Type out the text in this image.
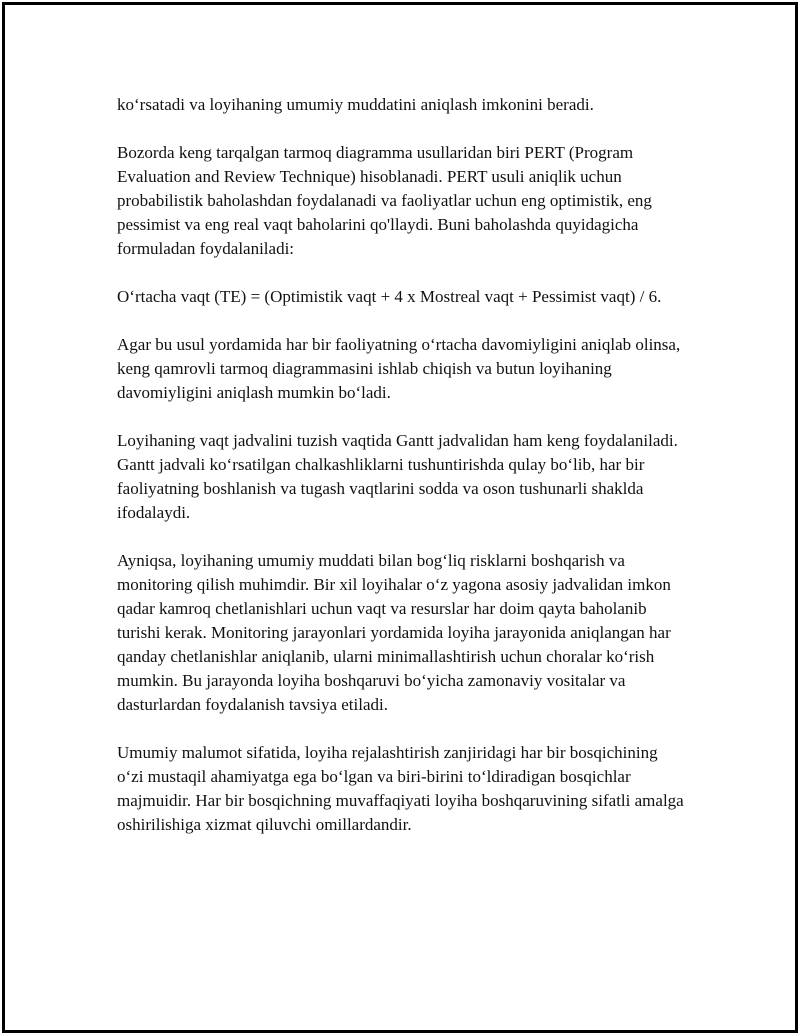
ko‘rsatadi va loyihaning umumiy muddatini aniqlash imkonini beradi.

Bozorda keng tarqalgan tarmoq diagramma usullaridan biri PERT (Program Evaluation and Review Technique) hisoblanadi. PERT usuli aniqlik uchun probabilistik baholashdan foydalanadi va faoliyatlar uchun eng optimistik, eng pessimist va eng real vaqt baholarini qo'llaydi. Buni baholashda quyidagicha formuladan foydalaniladi:

O‘rtacha vaqt (TE) = (Optimistik vaqt + 4 x Mostreal vaqt + Pessimist vaqt) / 6.

Agar bu usul yordamida har bir faoliyatning o‘rtacha davomiyligini aniqlab olinsa, keng qamrovli tarmoq diagrammasini ishlab chiqish va butun loyihaning davomiyligini aniqlash mumkin bo‘ladi.

Loyihaning vaqt jadvalini tuzish vaqtida Gantt jadvalidan ham keng foydalaniladi. Gantt jadvali ko‘rsatilgan chalkashliklarni tushuntirishda qulay bo‘lib, har bir faoliyatning boshlanish va tugash vaqtlarini sodda va oson tushunarli shaklda ifodalaydi.

Ayniqsa, loyihaning umumiy muddati bilan bog‘liq risklarni boshqarish va monitoring qilish muhimdir. Bir xil loyihalar o‘z yagona asosiy jadvalidan imkon qadar kamroq chetlanishlari uchun vaqt va resurslar har doim qayta baholanib turishi kerak. Monitoring jarayonlari yordamida loyiha jarayonida aniqlangan har qanday chetlanishlar aniqlanib, ularni minimallashtirish uchun choralar ko‘rish mumkin. Bu jarayonda loyiha boshqaruvi bo‘yicha zamonaviy vositalar va dasturlardan foydalanish tavsiya etiladi.

Umumiy malumot sifatida, loyiha rejalashtirish zanjiridagi har bir bosqichining o‘zi mustaqil ahamiyatga ega bo‘lgan va biri-birini to‘ldiradigan bosqichlar majmuidir. Har bir bosqichning muvaffaqiyati loyiha boshqaruvining sifatli amalga oshirilishiga xizmat qiluvchi omillardandir.
